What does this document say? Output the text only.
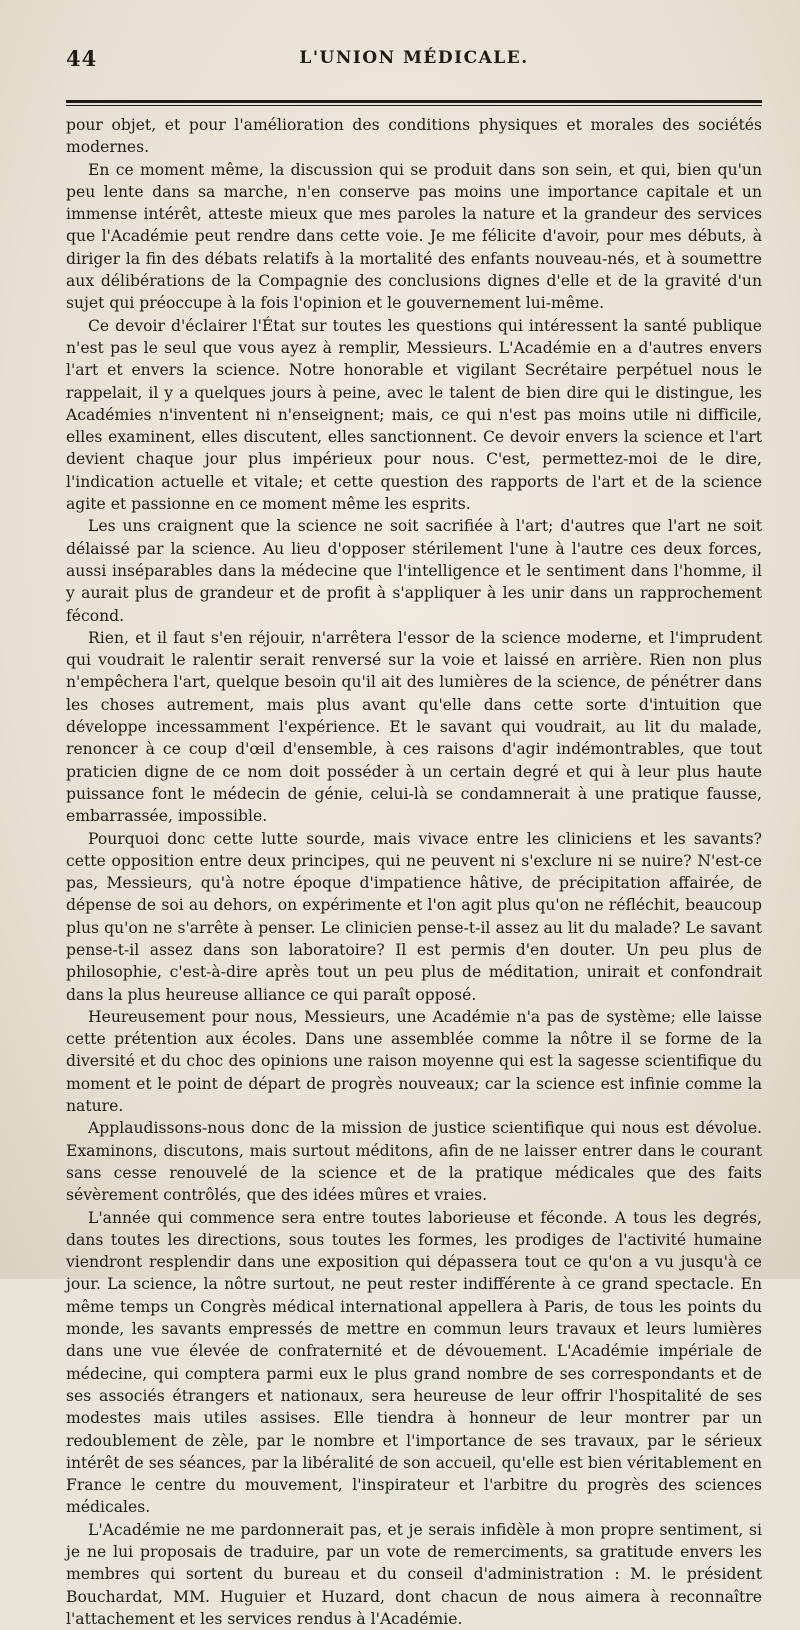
44	L'UNION MÉDICALE.

pour objet, et pour l'amélioration des conditions physiques et morales des sociétés modernes.

En ce moment même, la discussion qui se produit dans son sein, et qui, bien qu'un peu lente dans sa marche, n'en conserve pas moins une importance capitale et un immense intérêt, atteste mieux que mes paroles la nature et la grandeur des services que l'Académie peut rendre dans cette voie. Je me félicite d'avoir, pour mes débuts, à diriger la fin des débats relatifs à la mortalité des enfants nouveau-nés, et à soumettre aux délibérations de la Compagnie des conclusions dignes d'elle et de la gravité d'un sujet qui préoccupe à la fois l'opinion et le gouvernement lui-même.

Ce devoir d'éclairer l'État sur toutes les questions qui intéressent la santé publique n'est pas le seul que vous ayez à remplir, Messieurs. L'Académie en a d'autres envers l'art et envers la science. Notre honorable et vigilant Secrétaire perpétuel nous le rappelait, il y a quelques jours à peine, avec le talent de bien dire qui le distingue, les Académies n'inventent ni n'enseignent; mais, ce qui n'est pas moins utile ni difficile, elles examinent, elles discutent, elles sanctionnent. Ce devoir envers la science et l'art devient chaque jour plus impérieux pour nous. C'est, permettez-moi de le dire, l'indication actuelle et vitale; et cette question des rapports de l'art et de la science agite et passionne en ce moment même les esprits.

Les uns craignent que la science ne soit sacrifiée à l'art; d'autres que l'art ne soit délaissé par la science. Au lieu d'opposer stérilement l'une à l'autre ces deux forces, aussi inséparables dans la médecine que l'intelligence et le sentiment dans l'homme, il y aurait plus de grandeur et de profit à s'appliquer à les unir dans un rapprochement fécond.

Rien, et il faut s'en réjouir, n'arrêtera l'essor de la science moderne, et l'imprudent qui voudrait le ralentir serait renversé sur la voie et laissé en arrière. Rien non plus n'empêchera l'art, quelque besoin qu'il ait des lumières de la science, de pénétrer dans les choses autrement, mais plus avant qu'elle dans cette sorte d'intuition que développe incessamment l'expérience. Et le savant qui voudrait, au lit du malade, renoncer à ce coup d'œil d'ensemble, à ces raisons d'agir indémontrables, que tout praticien digne de ce nom doit posséder à un certain degré et qui à leur plus haute puissance font le médecin de génie, celui-là se condamnerait à une pratique fausse, embarrassée, impossible.

Pourquoi donc cette lutte sourde, mais vivace entre les cliniciens et les savants? cette opposition entre deux principes, qui ne peuvent ni s'exclure ni se nuire? N'est-ce pas, Messieurs, qu'à notre époque d'impatience hâtive, de précipitation affairée, de dépense de soi au dehors, on expérimente et l'on agit plus qu'on ne réfléchit, beaucoup plus qu'on ne s'arrête à penser. Le clinicien pense-t-il assez au lit du malade? Le savant pense-t-il assez dans son laboratoire? Il est permis d'en douter. Un peu plus de philosophie, c'est-à-dire après tout un peu plus de méditation, unirait et confondrait dans la plus heureuse alliance ce qui paraît opposé.

Heureusement pour nous, Messieurs, une Académie n'a pas de système; elle laisse cette prétention aux écoles. Dans une assemblée comme la nôtre il se forme de la diversité et du choc des opinions une raison moyenne qui est la sagesse scientifique du moment et le point de départ de progrès nouveaux; car la science est infinie comme la nature.

Applaudissons-nous donc de la mission de justice scientifique qui nous est dévolue. Examinons, discutons, mais surtout méditons, afin de ne laisser entrer dans le courant sans cesse renouvelé de la science et de la pratique médicales que des faits sévèrement contrôlés, que des idées mûres et vraies.

L'année qui commence sera entre toutes laborieuse et féconde. A tous les degrés, dans toutes les directions, sous toutes les formes, les prodiges de l'activité humaine viendront resplendir dans une exposition qui dépassera tout ce qu'on a vu jusqu'à ce jour. La science, la nôtre surtout, ne peut rester indifférente à ce grand spectacle. En même temps un Congrès médical international appellera à Paris, de tous les points du monde, les savants empressés de mettre en commun leurs travaux et leurs lumières dans une vue élevée de confraternité et de dévouement. L'Académie impériale de médecine, qui comptera parmi eux le plus grand nombre de ses correspondants et de ses associés étrangers et nationaux, sera heureuse de leur offrir l'hospitalité de ses modestes mais utiles assises. Elle tiendra à honneur de leur montrer par un redoublement de zèle, par le nombre et l'importance de ses travaux, par le sérieux intérêt de ses séances, par la libéralité de son accueil, qu'elle est bien véritablement en France le centre du mouvement, l'inspirateur et l'arbitre du progrès des sciences médicales.

L'Académie ne me pardonnerait pas, et je serais infidèle à mon propre sentiment, si je ne lui proposais de traduire, par un vote de remerciments, sa gratitude envers les membres qui sortent du bureau et du conseil d'administration : M. le président Bouchardat, MM. Huguier et Huzard, dont chacun de nous aimera à reconnaître l'attachement et les services rendus à l'Académie.
